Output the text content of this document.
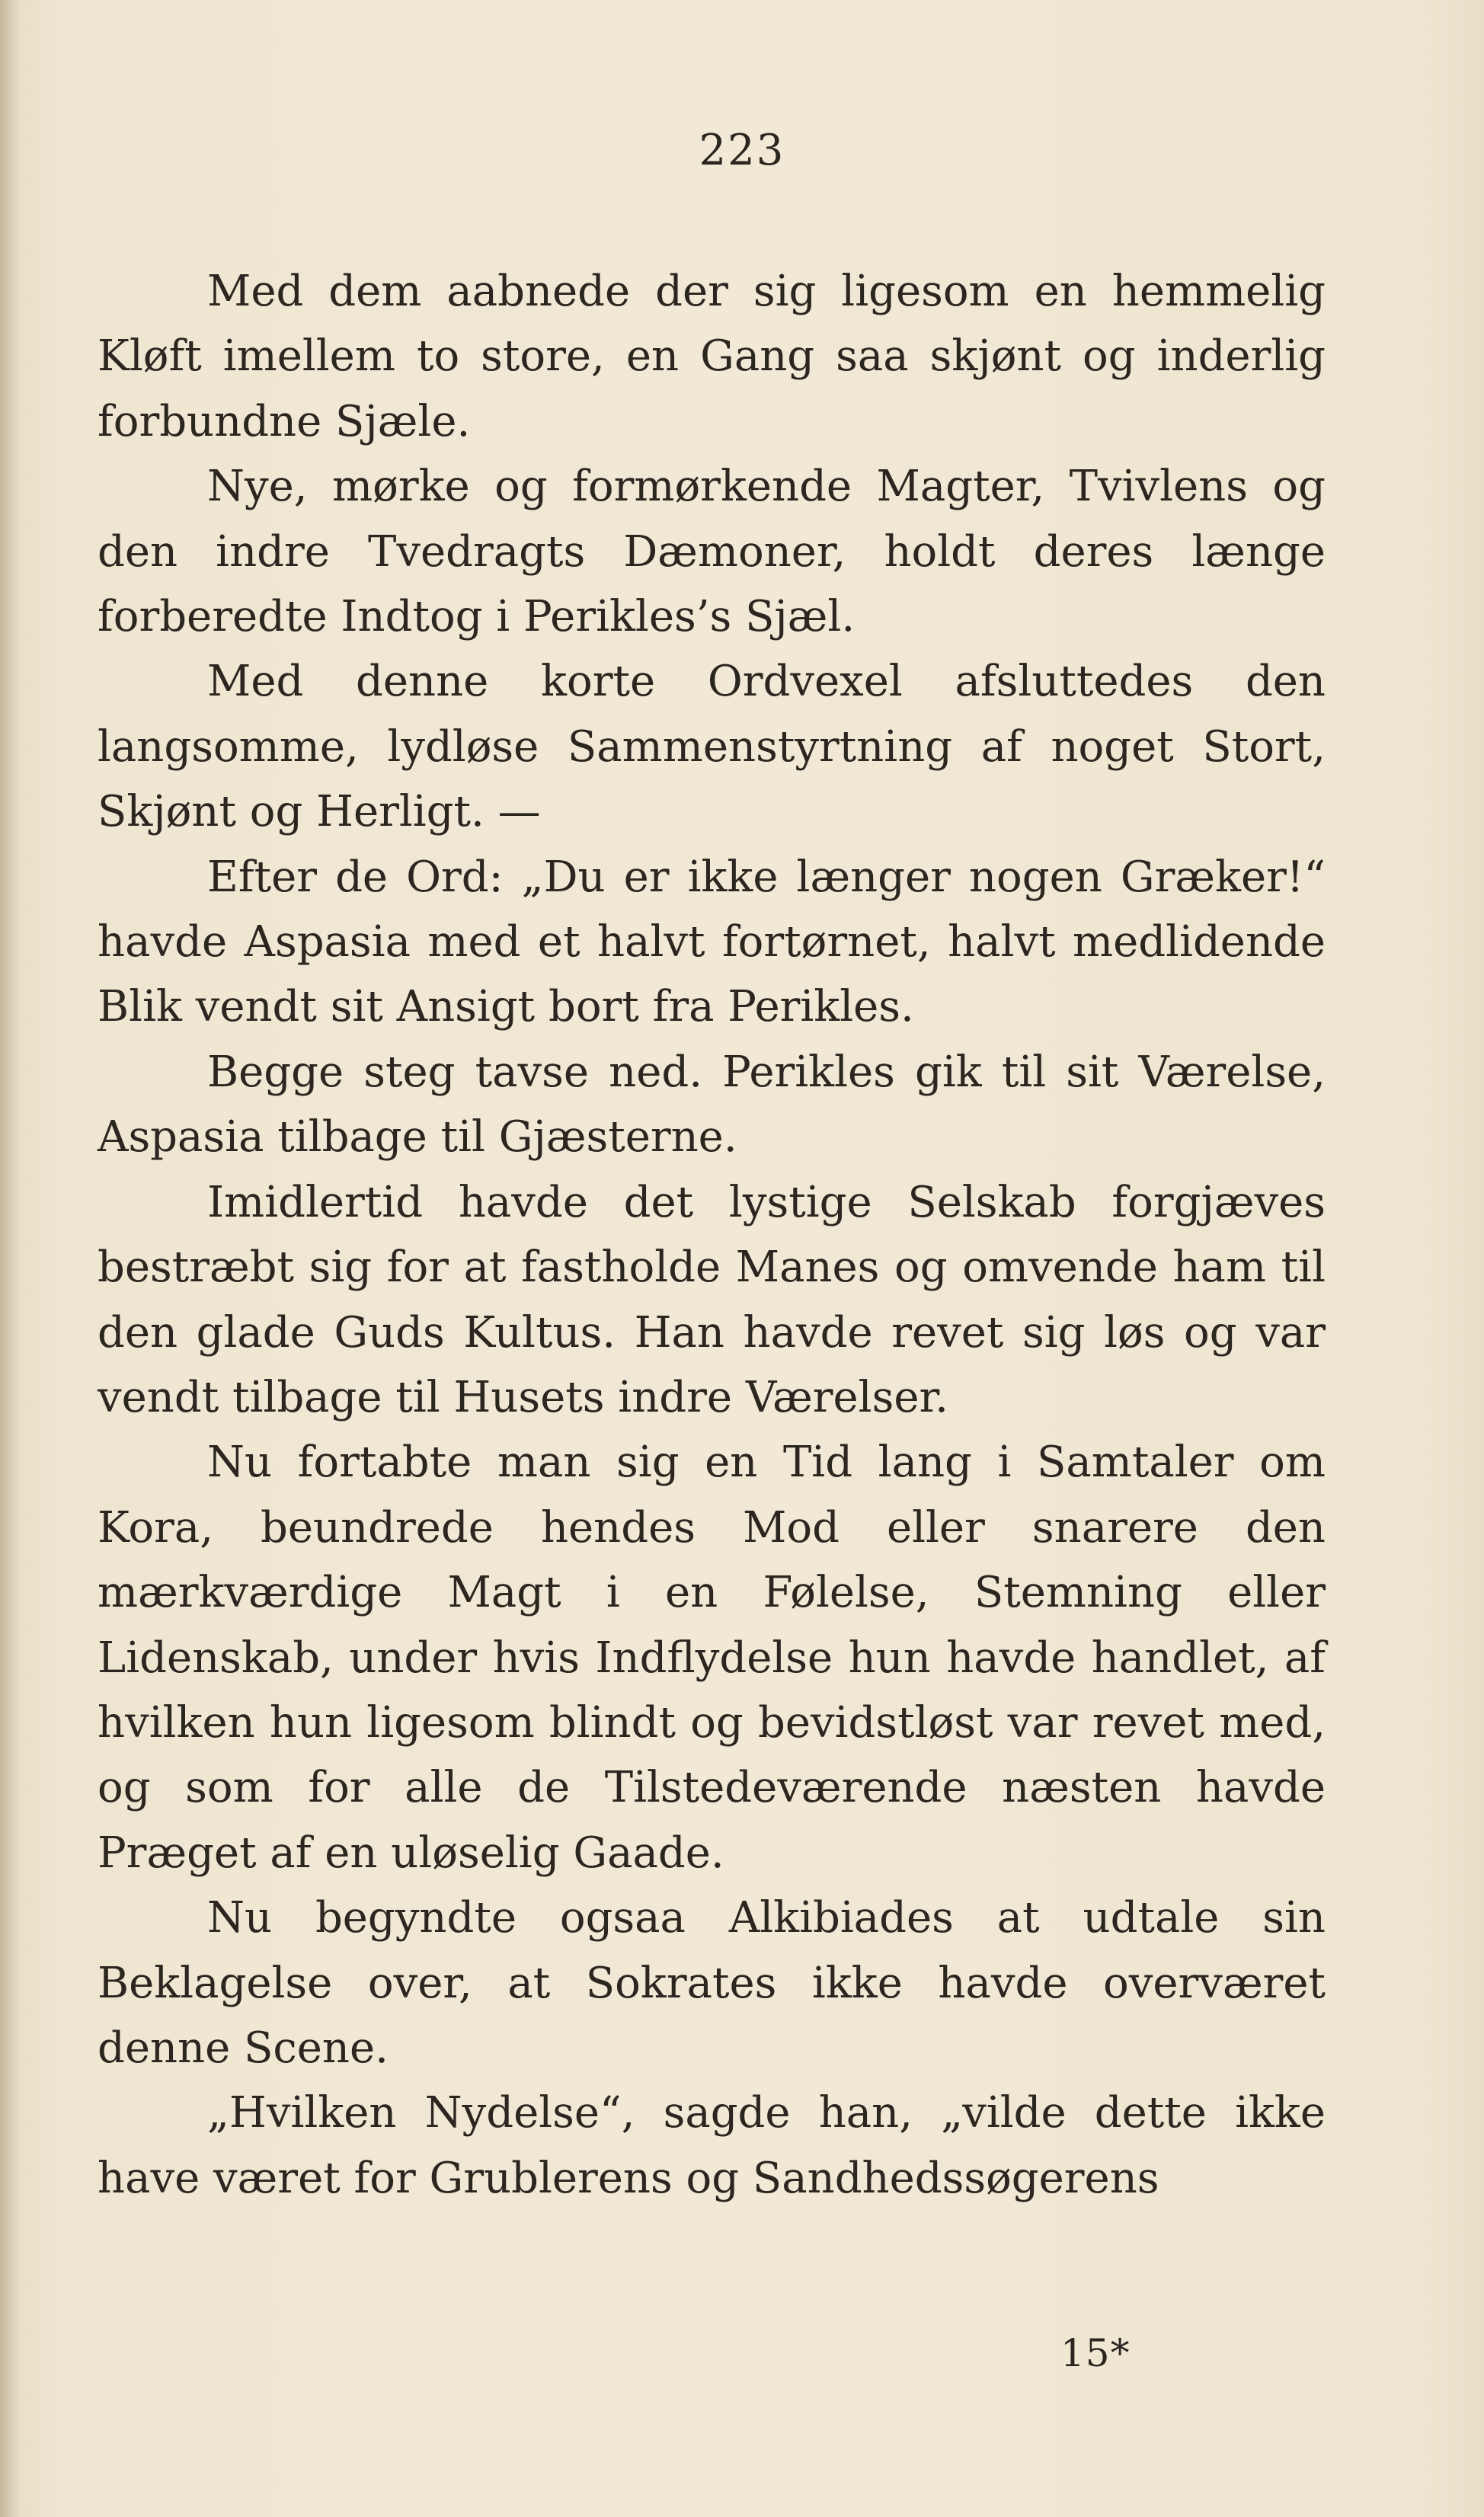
223

Med dem aabnede der sig ligesom en hemmelig Kløft imellem to store, en Gang saa skjønt og inderlig forbundne Sjæle.

Nye, mørke og formørkende Magter, Tvivlens og den indre Tvedragts Dæmoner, holdt deres længe forberedte Indtog i Perikles’s Sjæl.

Med denne korte Ordvexel afsluttedes den langsomme, lydløse Sammenstyrtning af noget Stort, Skjønt og Herligt. —

Efter de Ord: „Du er ikke længer nogen Græker!“ havde Aspasia med et halvt fortørnet, halvt medlidende Blik vendt sit Ansigt bort fra Perikles.

Begge steg tavse ned. Perikles gik til sit Værelse, Aspasia tilbage til Gjæsterne.

Imidlertid havde det lystige Selskab forgjæves bestræbt sig for at fastholde Manes og omvende ham til den glade Guds Kultus. Han havde revet sig løs og var vendt tilbage til Husets indre Værelser.

Nu fortabte man sig en Tid lang i Samtaler om Kora, beundrede hendes Mod eller snarere den mærkværdige Magt i en Følelse, Stemning eller Lidenskab, under hvis Indflydelse hun havde handlet, af hvilken hun ligesom blindt og bevidstløst var revet med, og som for alle de Tilstedeværende næsten havde Præget af en uløselig Gaade.

Nu begyndte ogsaa Alkibiades at udtale sin Beklagelse over, at Sokrates ikke havde overværet denne Scene.

„Hvilken Nydelse“, sagde han, „vilde dette ikke have været for Grublerens og Sandhedssøgerens

15*
